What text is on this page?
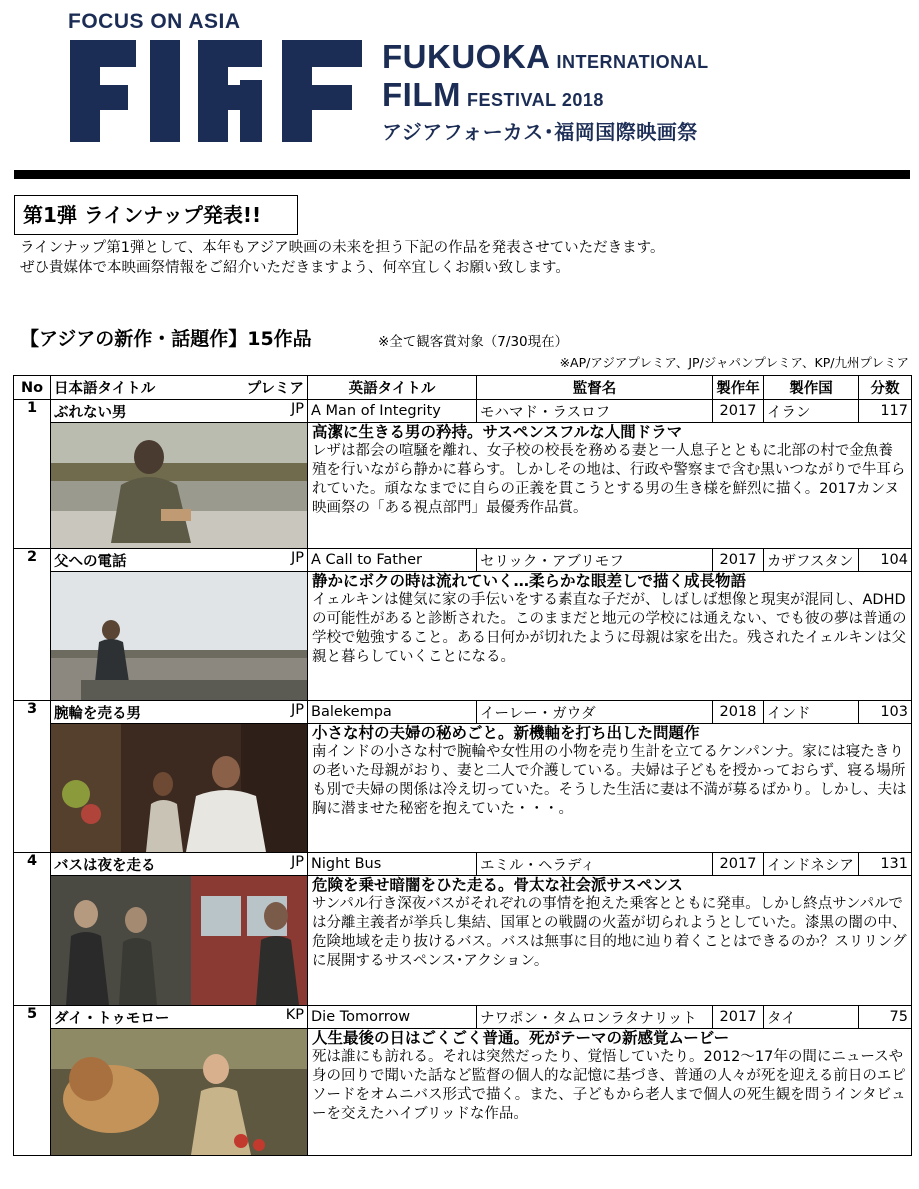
FOCUS ON ASIA
FUKUOKA INTERNATIONAL
FILM FESTIVAL 2018
アジアフォーカス･福岡国際映画祭
第1弾 ラインナップ発表!!
ラインナップ第1弾として、本年もアジア映画の未来を担う下記の作品を発表させていただきます。
ぜひ貴媒体で本映画祭情報をご紹介いただきますよう、何卒宜しくお願い致します。
【アジアの新作・話題作】15作品	※全て観客賞対象（7/30現在）
※AP/アジアプレミア、JP/ジャパンプレミア、KP/九州プレミア
No	日本語タイトル プレミア	英語タイトル	監督名	製作年	製作国	分数
1	ぶれない男 JP	A Man of Integrity	モハマド・ラスロフ	2017	イラン	117

高潔に生きる男の矜持。サスペンスフルな人間ドラマ
レザは都会の喧騒を離れ、女子校の校長を務める妻と一人息子とともに北部の村で金魚養殖を行いながら静かに暮らす。しかしその地は、行政や警察まで含む黒いつながりで牛耳られていた。頑ななまでに自らの正義を貫こうとする男の生き様を鮮烈に描く。2017カンヌ映画祭の「ある視点部門」最優秀作品賞。				

2	父への電話 JP	A Call to Father	セリック・アブリモフ	2017	カザフスタン	104

静かにボクの時は流れていく…柔らかな眼差しで描く成長物語
イェルキンは健気に家の手伝いをする素直な子だが、しばしば想像と現実が混同し、ADHDの可能性があると診断された。このままだと地元の学校には通えない、でも彼の夢は普通の学校で勉強すること。ある日何かが切れたように母親は家を出た。残されたイェルキンは父親と暮らしていくことになる。				

3	腕輪を売る男 JP	Balekempa	イーレー・ガウダ	2018	インド	103

小さな村の夫婦の秘めごと。新機軸を打ち出した問題作
南インドの小さな村で腕輪や女性用の小物を売り生計を立てるケンパンナ。家には寝たきりの老いた母親がおり、妻と二人で介護している。夫婦は子どもを授かっておらず、寝る場所も別で夫婦の関係は冷え切っていた。そうした生活に妻は不満が募るばかり。しかし、夫は胸に潜ませた秘密を抱えていた・・・。				

4	バスは夜を走る JP	Night Bus	エミル・ヘラディ	2017	インドネシア	131

危険を乗せ暗闇をひた走る。骨太な社会派サスペンス
サンパル行き深夜バスがそれぞれの事情を抱えた乗客とともに発車。しかし終点サンパルでは分離主義者が挙兵し集結、国軍との戦闘の火蓋が切られようとしていた。漆黒の闇の中、危険地域を走り抜けるバス。バスは無事に目的地に辿り着くことはできるのか？スリリングに展開するサスペンス･アクション。				

5	ダイ・トゥモロー KP	Die Tomorrow	ナワポン・タムロンラタナリット	2017	タイ	75

人生最後の日はごくごく普通。死がテーマの新感覚ムービー
死は誰にも訪れる。それは突然だったり、覚悟していたり。2012～17年の間にニュースや身の回りで聞いた話など監督の個人的な記憶に基づき、普通の人々が死を迎える前日のエピソードをオムニバス形式で描く。また、子どもから老人まで個人の死生観を問うインタビューを交えたハイブリッドな作品。				
